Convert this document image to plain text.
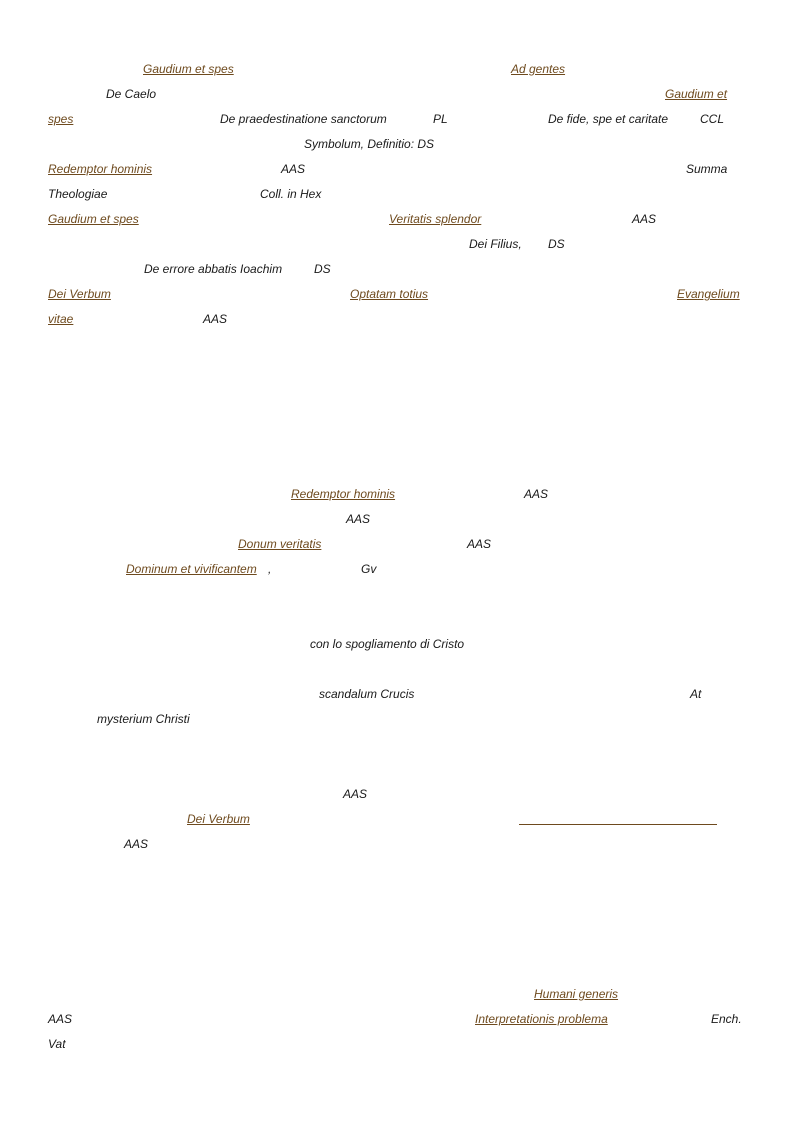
Gaudium et spes	Ad gentes
De Caelo	Gaudium et
spes	De praedestinatione sanctorum	PL	De fide, spe et caritate	CCL
Symbolum, Definitio: DS
Redemptor hominis	AAS	Summa
Theologiae	Coll. in Hex
Gaudium et spes	Veritatis splendor	AAS
Dei Filius, DS
De errore abbatis Ioachim	DS
Dei Verbum	Optatam totius	Evangelium
vitae	AAS
Redemptor hominis	AAS
AAS
Donum veritatis	AAS
Dominum et vivificantem ,	Gv
con lo spogliamento di Cristo
scandalum Crucis	At
mysterium Christi
AAS
Dei Verbum
AAS
Humani generis
AAS	Interpretationis problema	Ench.
Vat
